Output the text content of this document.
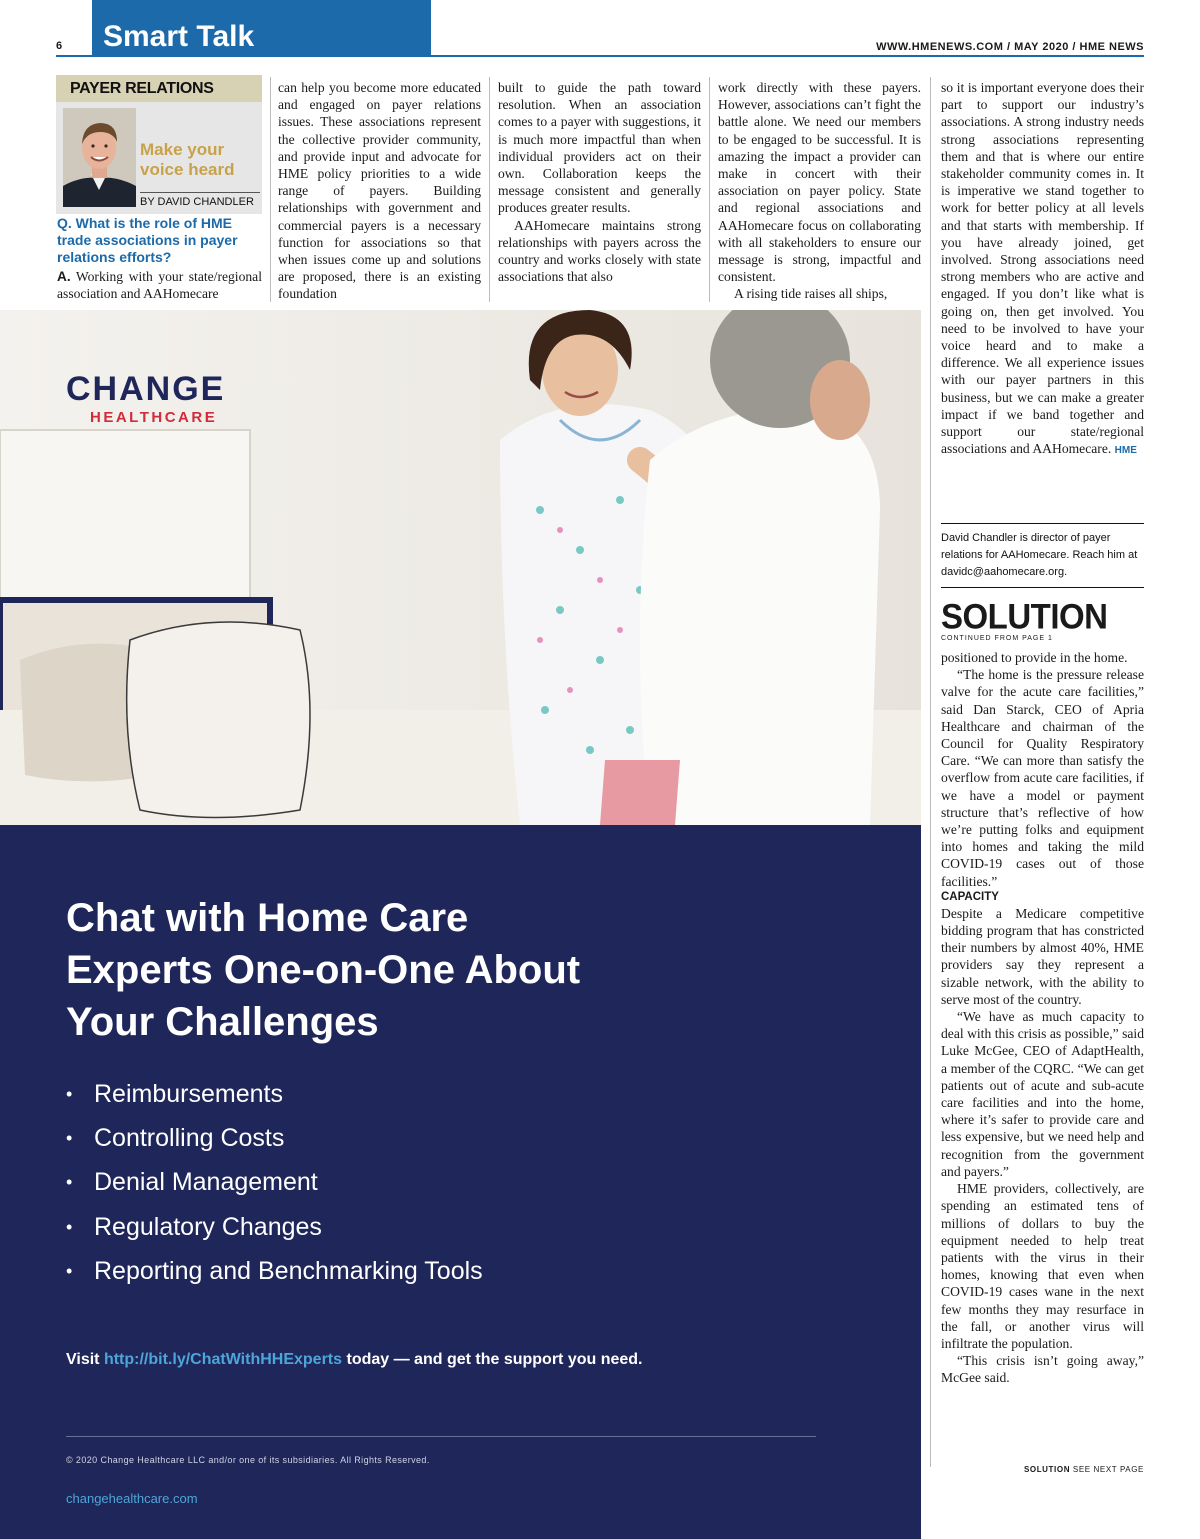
6 Smart Talk	WWW.HMENEWS.COM / MAY 2020 / HME NEWS
PAYER RELATIONS
Make your
voice heard
BY DAVID CHANDLER
Q. What is the role of HME trade associations in payer relations efforts?

A. Working with your state/regional association and AAHomecare

can help you become more educated and engaged on payer relations issues. These associations represent the collective provider community, and provide input and advocate for HME policy priorities to a wide range of payers. Building relationships with government and commercial payers is a necessary function for associations so that when issues come up and solutions are proposed, there is an existing foundation

built to guide the path toward resolution. When an association comes to a payer with suggestions, it is much more impactful than when individual providers act on their own. Collaboration keeps the message consistent and generally produces greater results.

AAHomecare maintains strong relationships with payers across the country and works closely with state associations that also

work directly with these payers. However, associations can’t fight the battle alone. We need our members to be engaged to be successful. It is amazing the impact a provider can make in concert with their association on payer policy. State and regional associations and AAHomecare focus on collaborating with all stakeholders to ensure our message is strong, impactful and consistent.

A rising tide raises all ships,

so it is important everyone does their part to support our industry’s associations. A strong industry needs strong associations representing them and that is where our entire stakeholder community comes in. It is imperative we stand together to work for better policy at all levels and that starts with membership. If you have already joined, get involved. Strong associations need strong members who are active and engaged. If you don’t like what is going on, then get involved. You need to be involved to have your voice heard and to make a difference. We all experience issues with our payer partners in this business, but we can make a greater impact if we band together and support our state/regional associations and AAHomecare. HME

David Chandler is director of payer relations for AAHomecare. Reach him at davidc@aahomecare.org.
SOLUTION
CONTINUED FROM PAGE 1

positioned to provide in the home.

“The home is the pressure release valve for the acute care facilities,” said Dan Starck, CEO of Apria Healthcare and chairman of the Council for Quality Respiratory Care. “We can more than satisfy the overflow from acute care facilities, if we have a model or payment structure that’s reflective of how we’re putting folks and equipment into homes and taking the mild COVID-19 cases out of those facilities.”

CAPACITY

Despite a Medicare competitive bidding program that has constricted their numbers by almost 40%, HME providers say they represent a sizable network, with the ability to serve most of the country.

“We have as much capacity to deal with this crisis as possible,” said Luke McGee, CEO of AdaptHealth, a member of the CQRC. “We can get patients out of acute and sub-acute care facilities and into the home, where it’s safer to provide care and less expensive, but we need help and recognition from the government and payers.”

HME providers, collectively, are spending an estimated tens of millions of dollars to buy the equipment needed to help treat patients with the virus in their homes, knowing that even when COVID-19 cases wane in the next few months they may resurface in the fall, or another virus will infiltrate the population.

“This crisis isn’t going away,” McGee said.

SOLUTION SEE NEXT PAGE
CHANGE
HEALTHCARE
Chat with Home Care Experts One-on-One About Your Challenges
• Reimbursements
• Controlling Costs
• Denial Management
• Regulatory Changes
• Reporting and Benchmarking Tools
Visit http://bit.ly/ChatWithHHExperts today — and get the support you need.
© 2020 Change Healthcare LLC and/or one of its subsidiaries. All Rights Reserved.
changehealthcare.com
